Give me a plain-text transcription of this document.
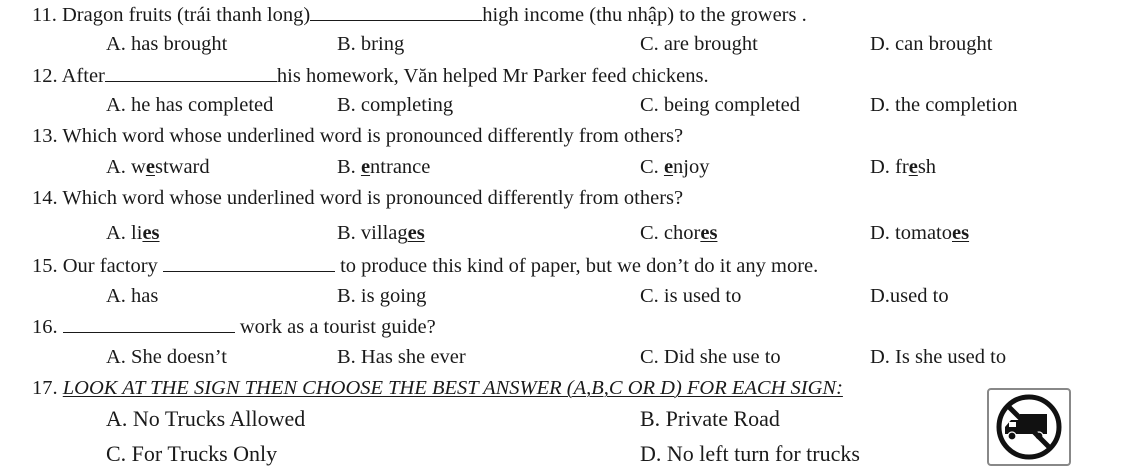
11. Dragon fruits (trái thanh long)	high income (thu nhập) to the growers .
A. has brought	B. bring	C. are brought	D. can brought
12. After	his homework, Văn helped Mr Parker feed chickens.
A. he has completed	B. completing	C. being completed	D. the completion
13. Which word whose underlined word is pronounced differently from others?
A. westward	B. entrance	C. enjoy	D. fresh
14. Which word whose underlined word is pronounced differently from others?
A. lies	B. villages	C. chores	D. tomatoes
15. Our factory	to produce this kind of paper, but we don’t do it any more.
A. has	B. is going	C. is used to	D.used to
16.	work as a tourist guide?
A. She doesn’t	B. Has she ever	C. Did she use to	D. Is she used to
17. LOOK AT THE SIGN THEN CHOOSE THE BEST ANSWER (A,B,C OR D) FOR EACH SIGN:
A. No Trucks Allowed	B. Private Road
C. For Trucks Only	D. No left turn for trucks
